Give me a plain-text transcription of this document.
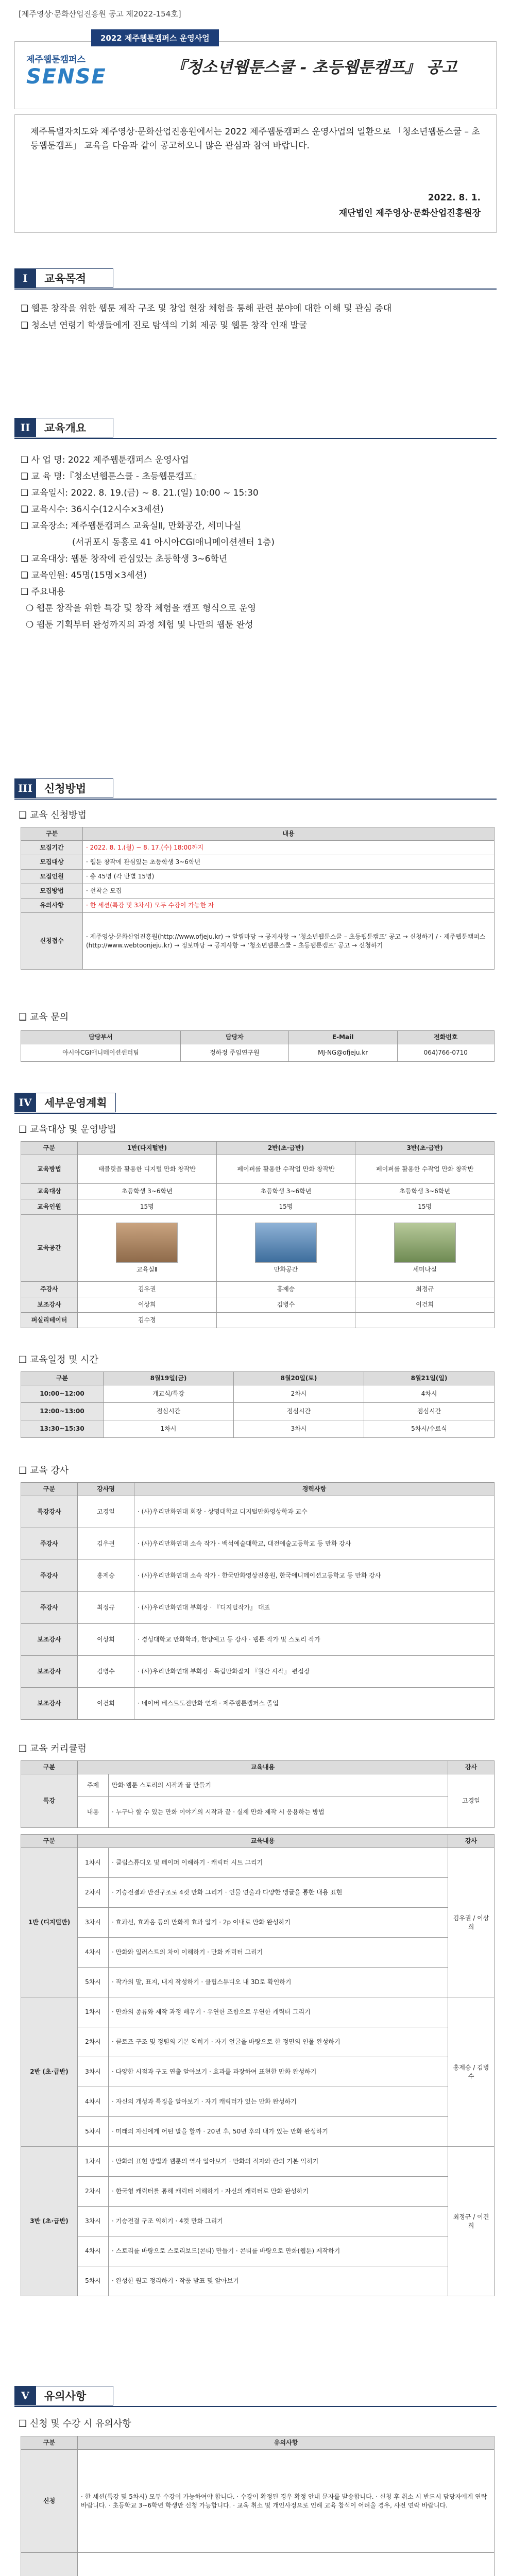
[제주영상·문화산업진흥원 공고 제2022-154호]
2022 제주웹툰캠퍼스 운영사업
제주웹툰캠퍼스
SENSE	『청소년웹툰스쿨 - 초등웹툰캠프』 공고
제주특별자치도와 제주영상·문화산업진흥원에서는 2022 제주웹툰캠퍼스 운영사업의 일환으로 「청소년웹툰스쿨 – 초등웹툰캠프」 교육을 다음과 같이 공고하오니 많은 관심과 참여 바랍니다.
2022. 8. 1.
재단법인 제주영상·문화산업진흥원장
I	교육목적
❑ 웹툰 창작을 위한 웹툰 제작 구조 및 창업 현장 체험을 통해 관련 분야에 대한 이해 및 관심 증대
❑ 청소년 연령기 학생들에게 진로 탐색의 기회 제공 및 웹툰 창작 인재 발굴
II	교육개요
❑ 사 업 명: 2022 제주웹툰캠퍼스 운영사업
❑ 교 육 명:『청소년웹툰스쿨 - 초등웹툰캠프』
❑ 교육일시: 2022. 8. 19.(금) ~ 8. 21.(일) 10:00 ~ 15:30
❑ 교육시수: 36시수(12시수×3세션)
❑ 교육장소: 제주웹툰캠퍼스 교육실Ⅱ, 만화공간, 세미나실
(서귀포시 동홍로 41 아시아CGI애니메이션센터 1층)
❑ 교육대상: 웹툰 창작에 관심있는 초등학생 3~6학년
❑ 교육인원: 45명(15명×3세션)
❑ 주요내용
❍ 웹툰 창작을 위한 특강 및 창작 체험을 캠프 형식으로 운영
❍ 웹툰 기획부터 완성까지의 과정 체험 및 나만의 웹툰 완성
III	신청방법
❑ 교육 신청방법
구분	내용
모집기간	· 2022. 8. 1.(월) ~ 8. 17.(수) 18:00까지
모집대상	· 웹툰 창작에 관심있는 초등학생 3~6학년
모집인원	· 총 45명 (각 반별 15명)
모집방법	· 선착순 모집
유의사항	· 한 세션(특강 및 3차시) 모두 수강이 가능한 자
신청접수	· 제주영상·문화산업진흥원(http://www.ofjeju.kr) → 알림마당 → 공지사항 → ‘청소년웹툰스쿨 – 초등웹툰캠프’ 공고 → 신청하기 / · 제주웹툰캠퍼스(http://www.webtoonjeju.kr) → 정보마당 → 공지사항 → ‘청소년웹툰스쿨 – 초등웹툰캠프’ 공고 → 신청하기
❑ 교육 문의
담당부서	담당자	E-Mail	전화번호
아시아CGI애니메이션센터팀	정하정 주임연구원	MJ-NG@ofjeju.kr	064)766-0710
IV	세부운영계획
❑ 교육대상 및 운영방법
구분	1반(다지털반)	2반(초·급반)	3반(초·급반)
교육방법	태블릿을 활용한 디지털 만화 창작반	페이퍼를 활용한 수작업 만화 창작반	페이퍼를 활용한 수작업 만화 창작반
교육대상	초등학생 3~6학년	초등학생 3~6학년	초등학생 3~6학년
교육인원	15명	15명	15명
교육공간	교육실Ⅱ	만화공간	세미나실

주강사	김우권	홍제승	최정규
보조강사	이상희	김병수	이건희
퍼실리테이터	김수정		
❑ 교육일정 및 시간
구분	8월19일(금)	8월20일(토)	8월21일(일)
10:00~12:00	개교식/특강	2차시	4차시
12:00~13:00	점심시간	점심시간	점심시간
13:30~15:30	1차시	3차시	5차시/수료식
❑ 교육 강사
구분	강사명	경력사항
특강강사	고경일	· (사)우리만화연대 회장 · 상명대학교 디지털만화영상학과 교수
주강사	김우권	· (사)우리만화연대 소속 작가 · 백석예술대학교, 대전예술고등학교 등 만화 강사
주강사	홍제승	· (사)우리만화연대 소속 작가 · 한국만화영상진흥원, 한국애니메이션고등학교 등 만화 강사
주강사	최정규	· (사)우리만화연대 부회장 · 『디지털작가』 대표
보조강사	이상희	· 경성대학교 만화학과, 한양예고 등 강사 · 웹툰 작가 및 스토리 작가
보조강사	김병수	· (사)우리만화연대 부회장 · 독립만화잡지 『월간 시작』 편집장
보조강사	이건희	· 네이버 베스트도전만화 연재 · 제주웹툰캠퍼스 졸업
❑ 교육 커리큘럼
구분	교육내용		강사
특강	주제	만화·웹툰 스토리의 시작과 끝 만들기	고경일
	내용	· 누구나 할 수 있는 만화 이야기의 시작과 끝 · 실제 만화 제작 시 응용하는 방법	
구분	교육내용		강사
1반 (디지털반)	1차시	· 클립스튜디오 및 페이퍼 이해하기 · 캐릭터 시트 그리기	김우권 / 이상희
	2차시	· 기승전결과 반전구조로 4컷 만화 그리기 · 인물 연출과 다양한 앵글을 통한 내용 표현	
	3차시	· 효과선, 효과음 등의 만화적 효과 알기 · 2p 이내로 만화 완성하기	
	4차시	· 만화와 일러스트의 차이 이해하기 · 만화 캐릭터 그리기	
	5차시	· 작가의 말, 표지, 내지 작성하기 · 클립스튜디오 내 3D로 확인하기	
2반 (초·급반)	1차시	· 만화의 종류와 제작 과정 배우기 · 우연한 조합으로 우연한 캐릭터 그리기	홍제승 / 김병수
	2차시	· 클로즈 구조 및 정렬의 기본 익히기 · 자기 얼굴을 바탕으로 한 정면의 인물 완성하기	
	3차시	· 다양한 시점과 구도 연출 알아보기 · 효과를 과장하여 표현한 만화 완성하기	
	4차시	· 자신의 개성과 특징을 알아보기 · 자기 캐릭터가 있는 만화 완성하기	
	5차시	· 미래의 자신에게 어떤 말을 할까 · 20년 후, 50년 후의 내가 있는 만화 완성하기	
3반 (초·급반)	1차시	· 만화의 표현 방법과 웹툰의 역사 알아보기 · 만화의 적자와 칸의 기본 익히기	최정규 / 이건희
	2차시	· 한국형 캐릭터를 통해 캐릭터 이해하기 · 자신의 캐릭터로 만화 완성하기	
	3차시	· 기승전결 구조 익히기 · 4컷 만화 그리기	
	4차시	· 스토리를 바탕으로 스토리보드(콘티) 만들기 · 콘티를 바탕으로 만화(웹툰) 제작하기	
	5차시	· 완성한 원고 정리하기 · 작품 발표 및 알아보기	
V	유의사항
❑ 신청 및 수강 시 유의사항
구분	유의사항
신청	· 한 세션(특강 및 5차시) 모두 수강이 가능하여야 합니다. · 수강이 확정된 경우 확정 안내 문자를 발송합니다. · 신청 후 취소 시 반드시 담당자에게 연락 바랍니다. · 초등학교 3~6학년 학생만 신청 가능합니다. · 교육 취소 및 개인사정으로 인해 교육 참석이 어려울 경우, 사전 연락 바랍니다.
